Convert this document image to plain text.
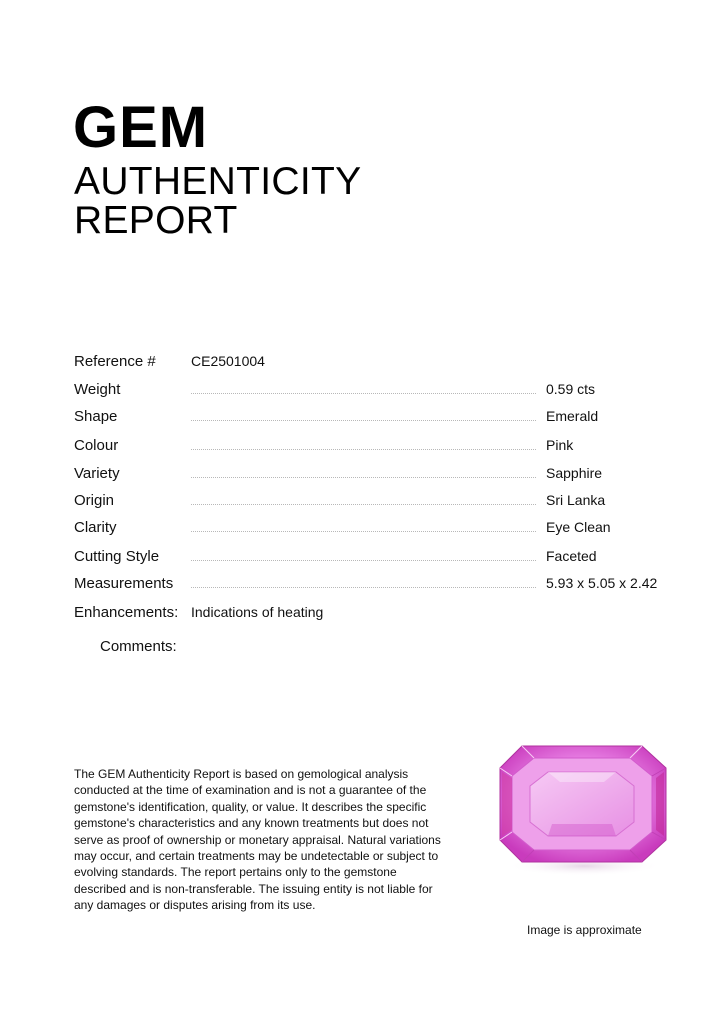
GEM
AUTHENTICITY
REPORT
Reference #	CE2501004
Weight	0.59 cts
Shape	Emerald
Colour	Pink
Variety	Sapphire
Origin	Sri Lanka
Clarity	Eye Clean
Cutting Style	Faceted
Measurements	5.93 x 5.05 x 2.42
Enhancements: Indications of heating
Comments:
The GEM Authenticity Report is based on gemological analysis conducted at the time of examination and is not a guarantee of the gemstone's identification, quality, or value. It describes the specific gemstone's characteristics and any known treatments but does not serve as proof of ownership or monetary appraisal. Natural variations may occur, and certain treatments may be undetectable or subject to evolving standards. The report pertains only to the gemstone described and is non-transferable. The issuing entity is not liable for any damages or disputes arising from its use.
Image is approximate
